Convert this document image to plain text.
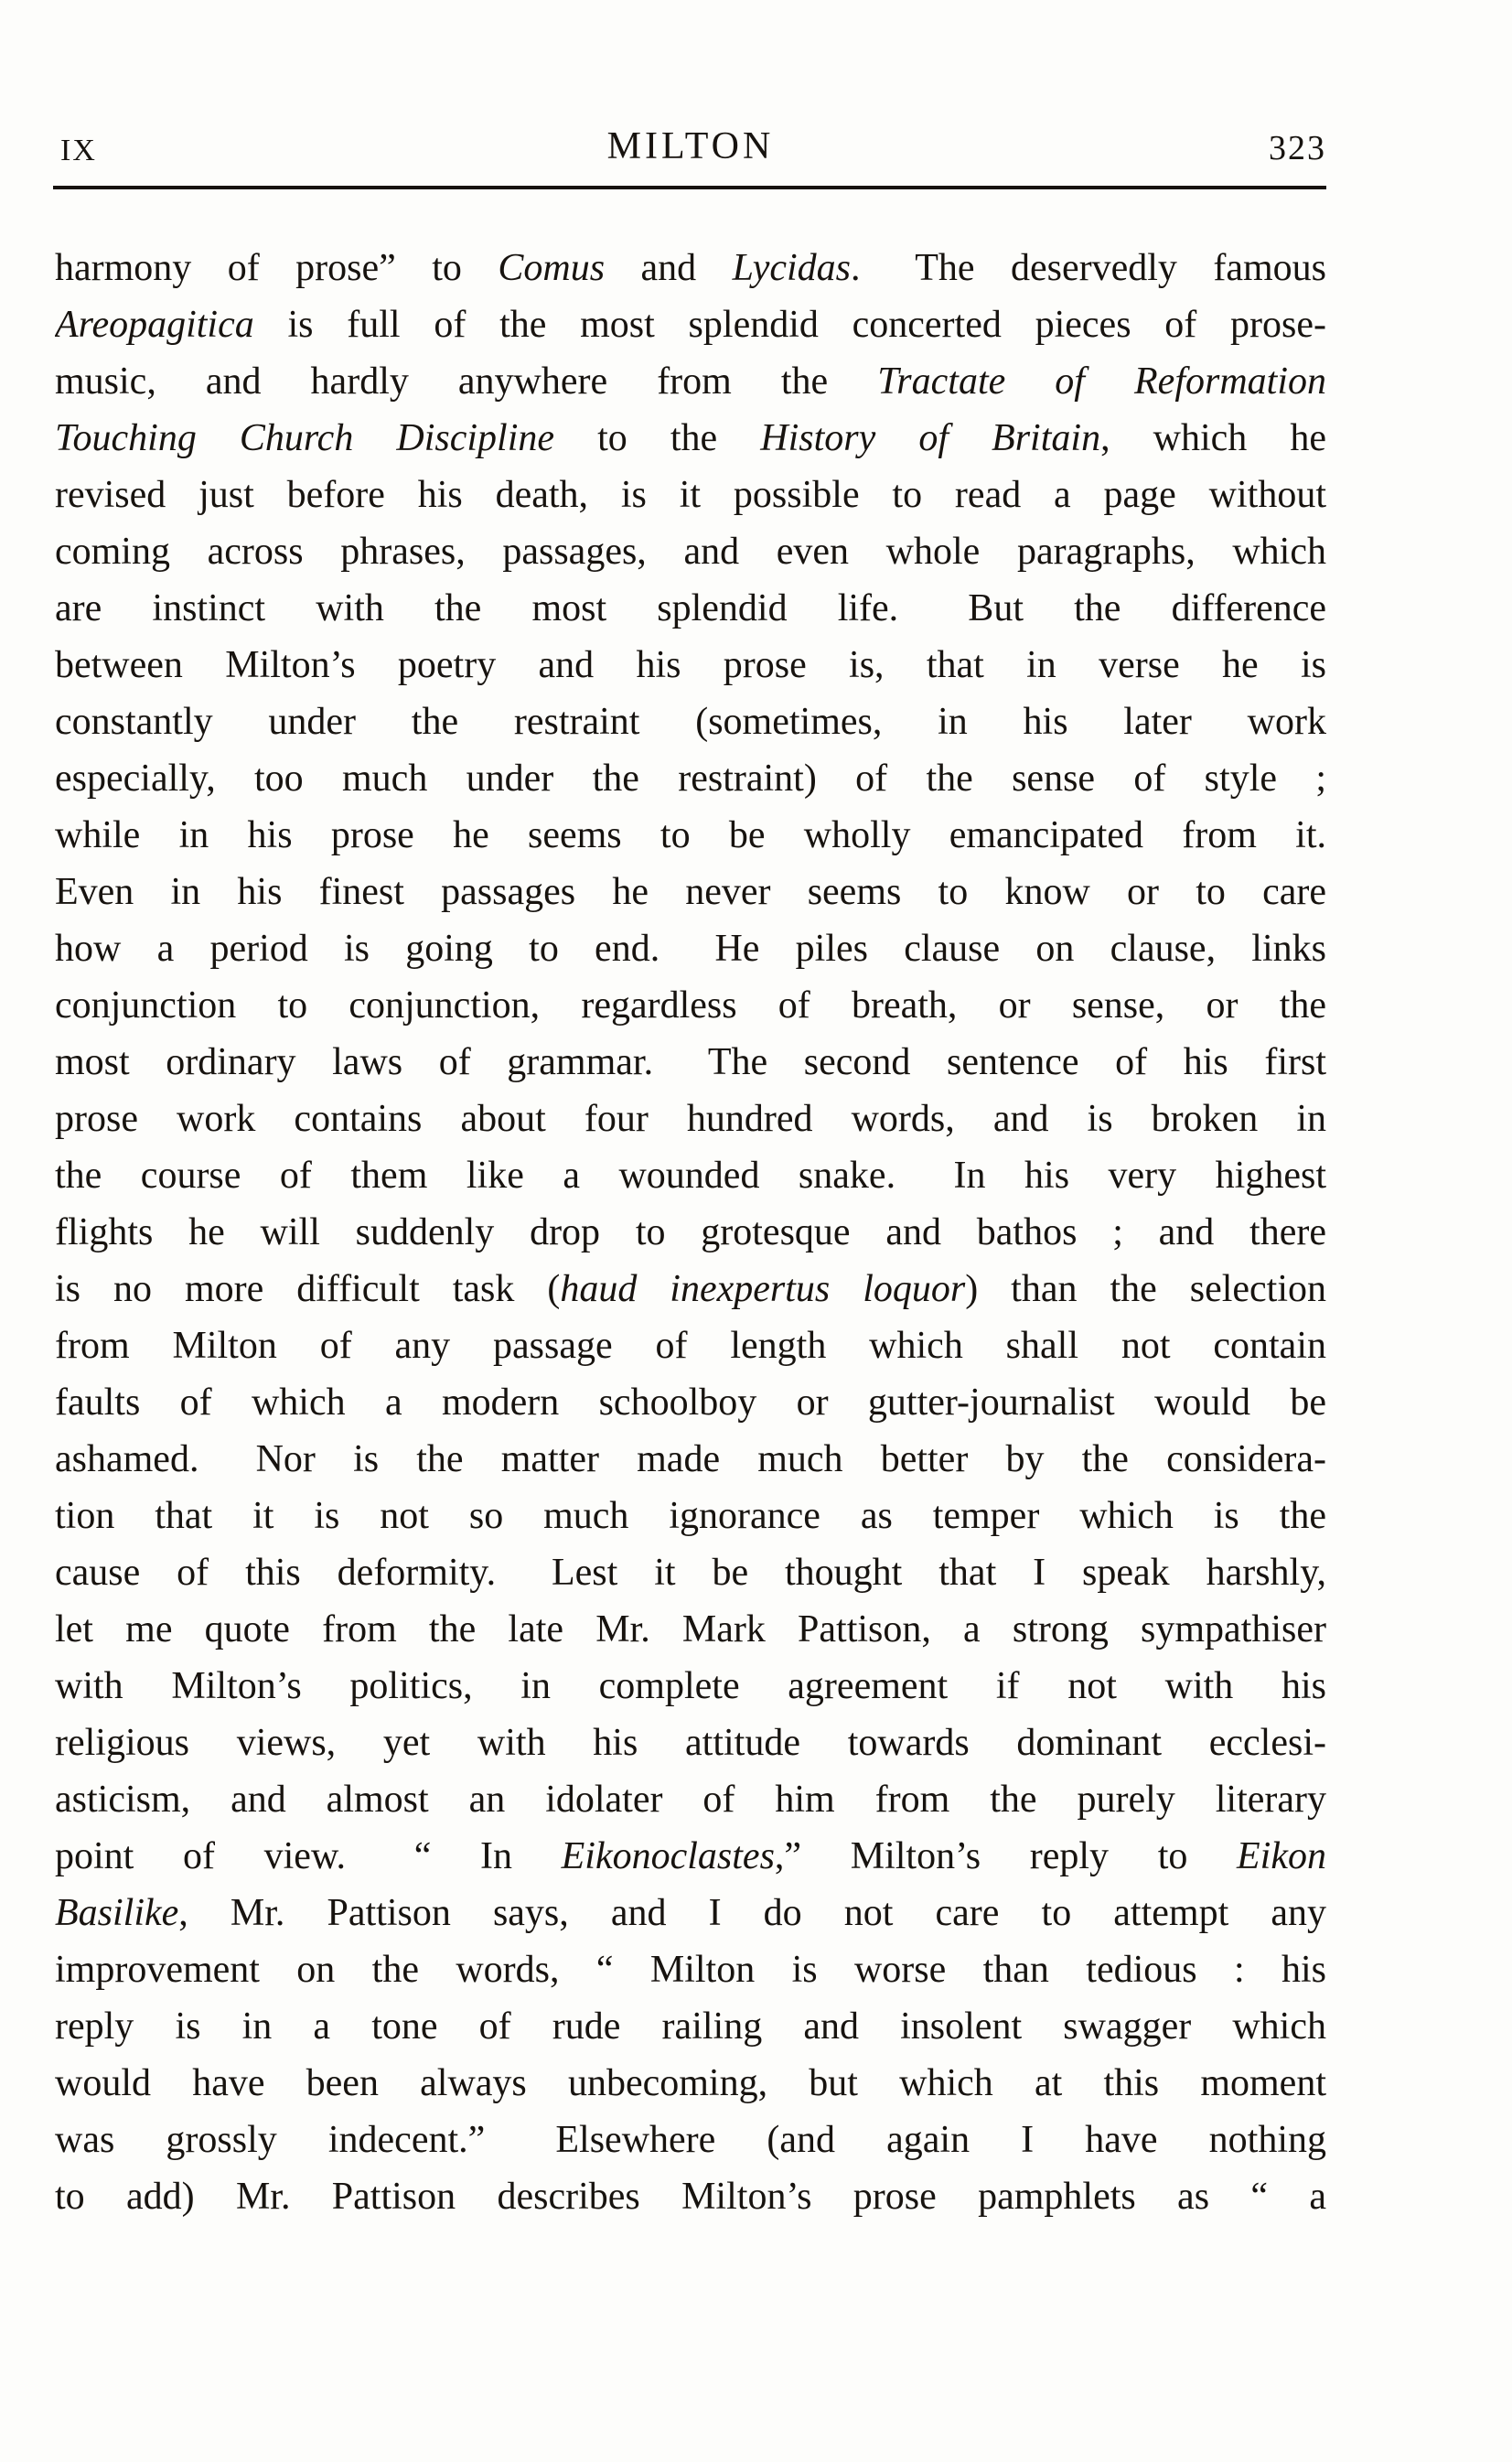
IX	MILTON	323
harmony of prose” to Comus and Lycidas.  The deservedly famous
Areopagitica is full of the most splendid concerted pieces of prose-
music, and hardly anywhere from the Tractate of Reformation
Touching Church Discipline to the History of Britain, which he
revised just before his death, is it possible to read a page without
coming across phrases, passages, and even whole paragraphs, which
are instinct with the most splendid life.  But the difference
between Milton’s poetry and his prose is, that in verse he is
constantly under the restraint (sometimes, in his later work
especially, too much under the restraint) of the sense of style ;
while in his prose he seems to be wholly emancipated from it.
Even in his finest passages he never seems to know or to care
how a period is going to end.  He piles clause on clause, links
conjunction to conjunction, regardless of breath, or sense, or the
most ordinary laws of grammar.  The second sentence of his first
prose work contains about four hundred words, and is broken in
the course of them like a wounded snake.  In his very highest
flights he will suddenly drop to grotesque and bathos ; and there
is no more difficult task (haud inexpertus loquor) than the selection
from Milton of any passage of length which shall not contain
faults of which a modern schoolboy or gutter-journalist would be
ashamed.  Nor is the matter made much better by the considera-
tion that it is not so much ignorance as temper which is the
cause of this deformity.  Lest it be thought that I speak harshly,
let me quote from the late Mr. Mark Pattison, a strong sympathiser
with Milton’s politics, in complete agreement if not with his
religious views, yet with his attitude towards dominant ecclesi-
asticism, and almost an idolater of him from the purely literary
point of view.  “ In Eikonoclastes,” Milton’s reply to Eikon
Basilike, Mr. Pattison says, and I do not care to attempt any
improvement on the words, “ Milton is worse than tedious : his
reply is in a tone of rude railing and insolent swagger which
would have been always unbecoming, but which at this moment
was grossly indecent.”  Elsewhere (and again I have nothing
to add) Mr. Pattison describes Milton’s prose pamphlets as “ a
